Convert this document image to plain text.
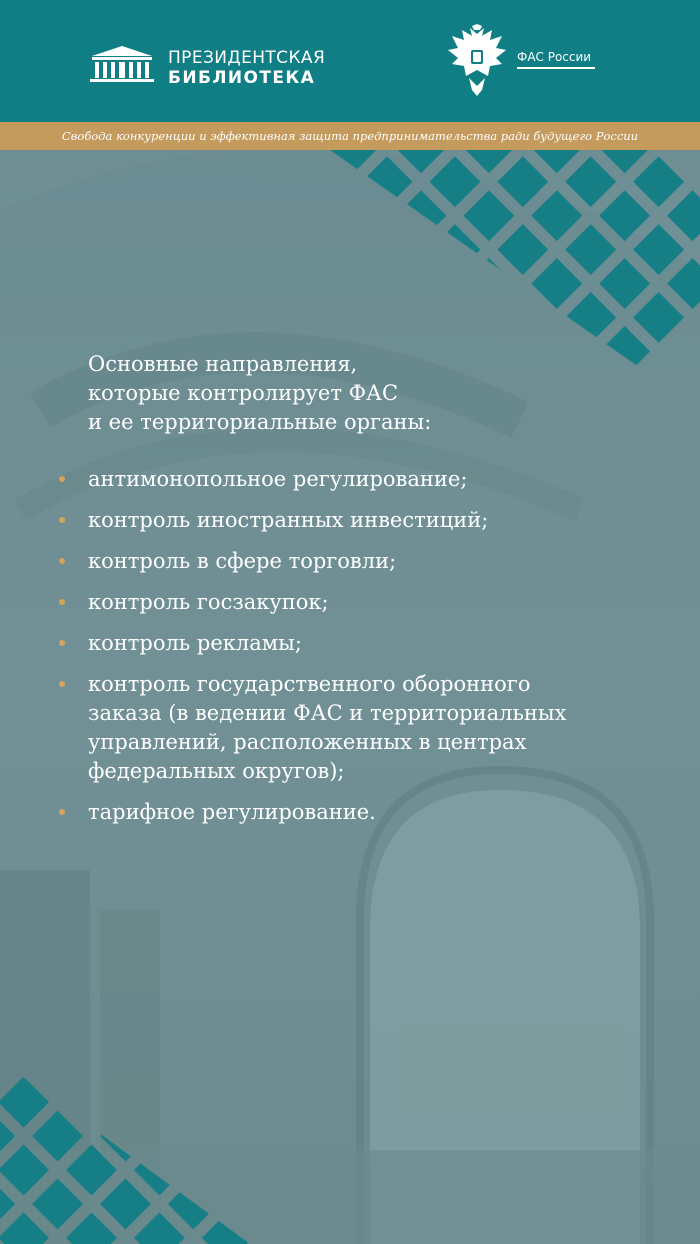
ПРЕЗИДЕНТСКАЯ
БИБЛИОТЕКА
ФАС России
Свобода конкуренции и эффективная защита предпринимательства ради будущего России

Основные направления,
которые контролирует ФАС
и ее территориальные органы:

антимонопольное регулирование;
контроль иностранных инвестиций;
контроль в сфере торговли;
контроль госзакупок;
контроль рекламы;
контроль государственного оборонного
заказа (в ведении ФАС и территориальных
управлений, расположенных в центрах
федеральных округов);
тарифное регулирование.
